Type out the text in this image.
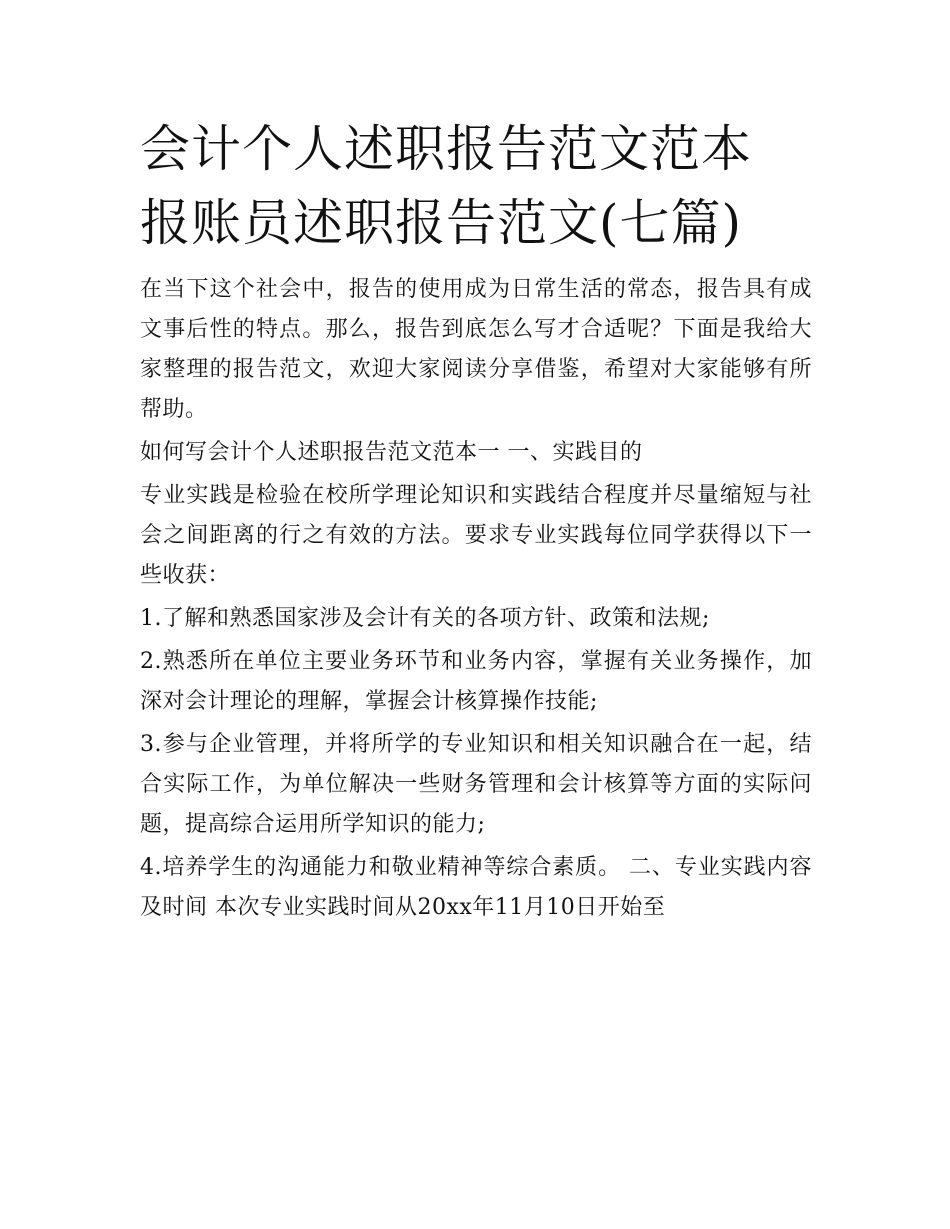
会计个人述职报告范文范本 报账员述职报告范文(七篇)

在当下这个社会中，报告的使用成为日常生活的常态，报告具有成文事后性的特点。那么，报告到底怎么写才合适呢？下面是我给大家整理的报告范文，欢迎大家阅读分享借鉴，希望对大家能够有所帮助。

如何写会计个人述职报告范文范本一 一、实践目的

专业实践是检验在校所学理论知识和实践结合程度并尽量缩短与社会之间距离的行之有效的方法。要求专业实践每位同学获得以下一些收获：

1.了解和熟悉国家涉及会计有关的各项方针、政策和法规;

2.熟悉所在单位主要业务环节和业务内容，掌握有关业务操作，加深对会计理论的理解，掌握会计核算操作技能;

3.参与企业管理，并将所学的专业知识和相关知识融合在一起，结合实际工作，为单位解决一些财务管理和会计核算等方面的实际问题，提高综合运用所学知识的能力;

4.培养学生的沟通能力和敬业精神等综合素质。 二、专业实践内容及时间 本次专业实践时间从20xx年11月10日开始至
